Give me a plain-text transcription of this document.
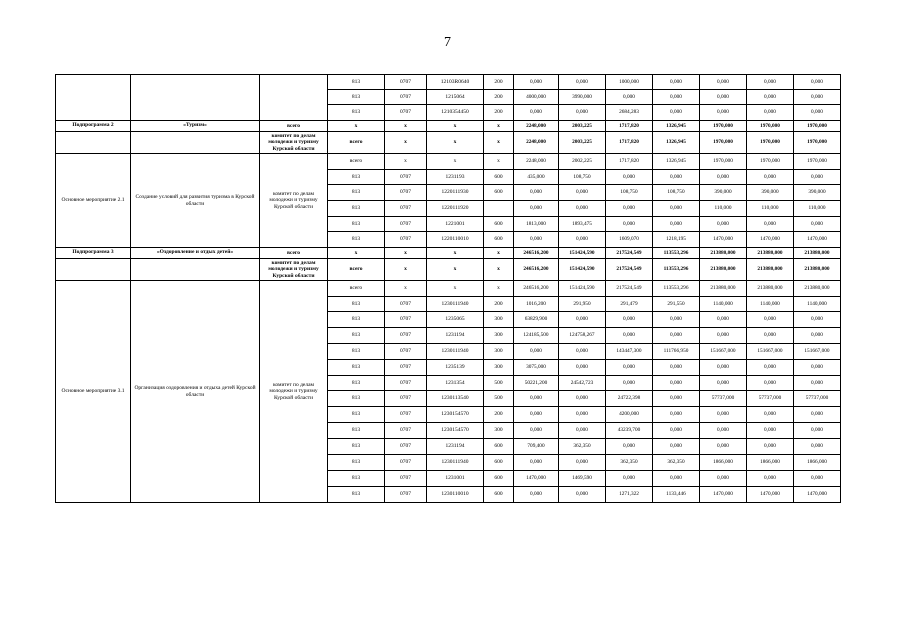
7
			813	0707	12103R0640	200	0,000	0,000	1000,000	0,000	0,000	0,000	0,000
			813	0707	1215064	200	4000,000	3990,000	0,000	0,000	0,000	0,000	0,000
			813	0707	1210354450	200	0,000	0,000	2684,283	0,000	0,000	0,000	0,000
Подпрограмма 2	«Туризм»	всего	х	х	х	х	2248,000	2003,225	1717,820	1326,945	1970,000	1970,000	1970,000
		комитет по делам молодежи и туризму Курской области	всего	х	х	х	2248,000	2003,225	1717,820	1326,945	1970,000	1970,000	1970,000
Основное мероприятие 2.1	Создание условий для развития туризма в Курской области	комитет по делам молодежи и туризму Курской области	всего	х	х	х	2248,000	2002,225	1717,820	1326,945	1970,000	1970,000	1970,000
			813	0707	1231193	600	435,000	108,750	0,000	0,000	0,000	0,000	0,000
			813	0707	1220111930	600	0,000	0,000	108,750	108,750	390,000	390,000	390,000
			813	0707	1220111920		0,000	0,000	0,000	0,000	110,000	110,000	110,000
			813	0707	1221001	600	1813,000	1893,475	0,000	0,000	0,000	0,000	0,000
			813	0707	1220110010	600	0,000	0,000	1609,070	1218,195	1470,000	1470,000	1470,000
Подпрограмма 3	«Оздоровление и отдых детей»	всего	х	х	х	х	246516,200	151424,590	217524,549	113553,296	213880,000	213880,000	213880,000
		комитет по делам молодежи и туризму Курской области	всего	х	х	х	246516,200	151424,590	217524,549	113553,296	213880,000	213880,000	213880,000
Основное мероприятие 3.1	Организация оздоровления и отдыха детей Курской области	комитет по делам молодежи и туризму Курской области	всего	х	х	х	246516,200	151424,590	217524,549	113553,296	213880,000	213880,000	213880,000
			813	0707	1230111940	200	1016,200	291,950	291,479	291,550	1140,000	1140,000	1140,000
			813	0707	1235065	300	63829,900	0,000	0,000	0,000	0,000	0,000	0,000
			813	0707	1231194	300	124185,500	124758,267	0,000	0,000	0,000	0,000	0,000
			813	0707	1230111940	300	0,000	0,000	143447,300	111766,950	151667,000	151667,000	151667,000
			813	0707	1235139	300	3075,000	0,000	0,000	0,000	0,000	0,000	0,000
			813	0707	1231354	500	50221,200	24542,723	0,000	0,000	0,000	0,000	0,000
			813	0707	1230113540	500	0,000	0,000	24722,398	0,000	57737,000	57737,000	57737,000
			813	0707	1230154570	200	0,000	0,000	4200,000	0,000	0,000	0,000	0,000
			813	0707	1230154570	300	0,000	0,000	43239,700	0,000	0,000	0,000	0,000
			813	0707	1231194	600	709,400	362,350	0,000	0,000	0,000	0,000	0,000
			813	0707	1230111940	600	0,000	0,000	362,350	362,350	1866,000	1866,000	1866,000
			813	0707	1231001	600	1470,000	1469,590	0,000	0,000	0,000	0,000	0,000
			813	0707	1230110010	600	0,000	0,000	1271,322	1133,446	1470,000	1470,000	1470,000
